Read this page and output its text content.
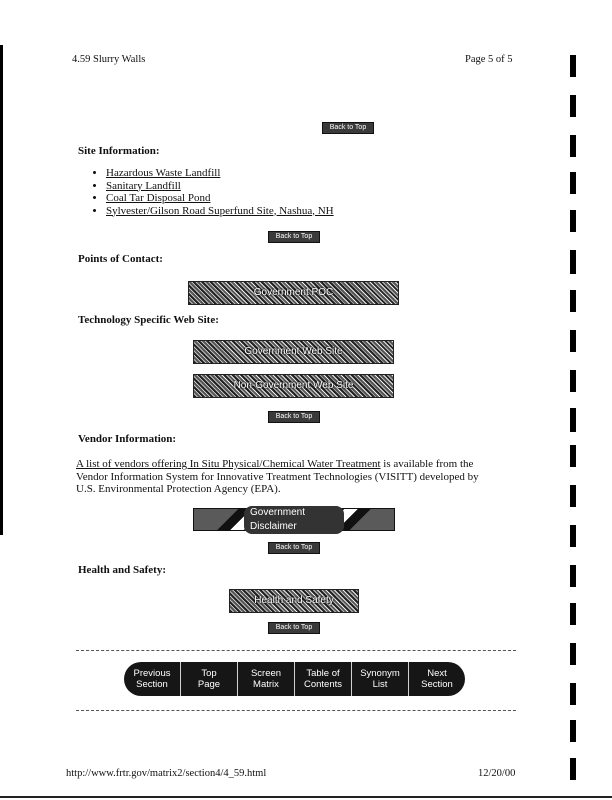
4.59 Slurry Walls	Page 5 of 5
Back to Top
Site Information:
• Hazardous Waste Landfill
• Sanitary Landfill
• Coal Tar Disposal Pond
• Sylvester/Gilson Road Superfund Site, Nashua, NH
Back to Top
Points of Contact:
Government POC
Technology Specific Web Site:
Government Web Site
Non-Government Web Site
Back to Top
Vendor Information:
A list of vendors offering In Situ Physical/Chemical Water Treatment is available from the Vendor Information System for Innovative Treatment Technologies (VISITT) developed by U.S. Environmental Protection Agency (EPA).
Government Disclaimer
Back to Top
Health and Safety:
Health and Safety
Back to Top
Previous
Section
Top
Page
Screen
Matrix
Table of
Contents
Synonym
List
Next
Section
http://www.frtr.gov/matrix2/section4/4_59.html	12/20/00
